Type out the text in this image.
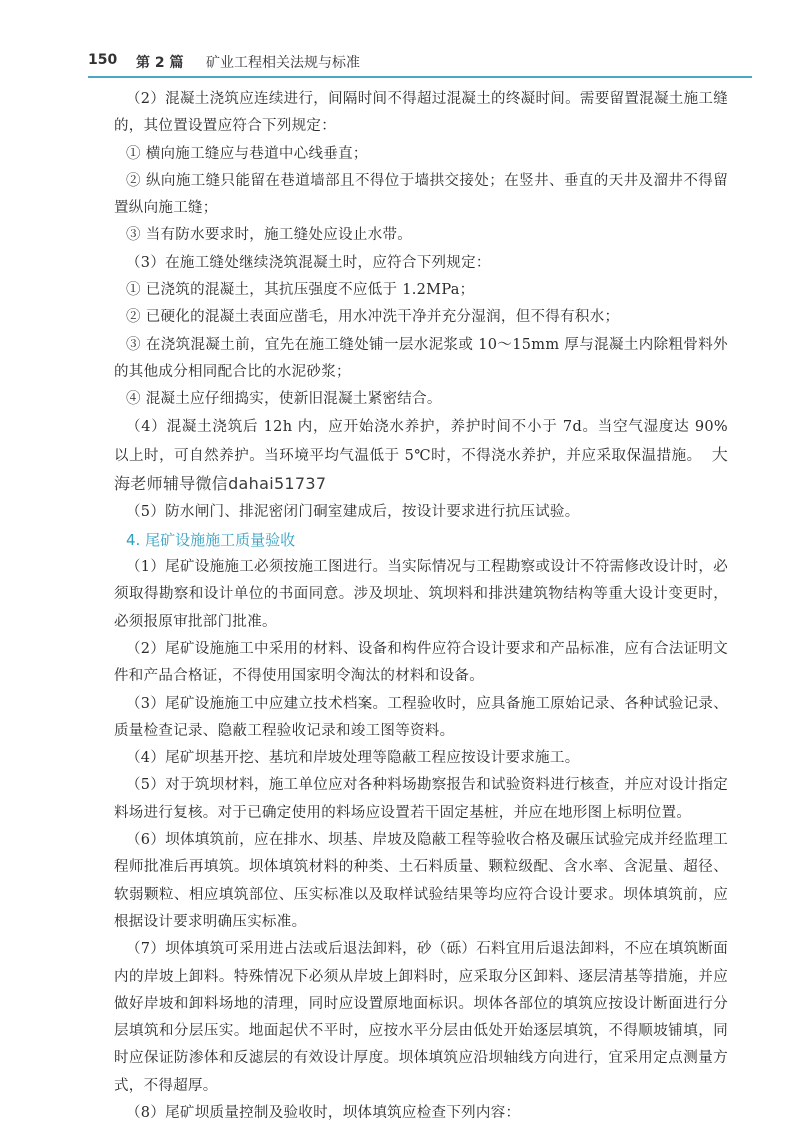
150 第 2 篇 矿业工程相关法规与标准

（2）混凝土浇筑应连续进行，间隔时间不得超过混凝土的终凝时间。需要留置混凝土施工缝的，其位置设置应符合下列规定：

① 横向施工缝应与巷道中心线垂直；

② 纵向施工缝只能留在巷道墙部且不得位于墙拱交接处；在竖井、垂直的天井及溜井不得留置纵向施工缝；

③ 当有防水要求时，施工缝处应设止水带。

（3）在施工缝处继续浇筑混凝土时，应符合下列规定：

① 已浇筑的混凝土，其抗压强度不应低于 1.2MPa；

② 已硬化的混凝土表面应凿毛，用水冲洗干净并充分湿润，但不得有积水；

③ 在浇筑混凝土前，宜先在施工缝处铺一层水泥浆或 10～15mm 厚与混凝土内除粗骨料外的其他成分相同配合比的水泥砂浆；

④ 混凝土应仔细捣实，使新旧混凝土紧密结合。

（4）混凝土浇筑后 12h 内，应开始浇水养护，养护时间不小于 7d。当空气湿度达 90% 以上时，可自然养护。当环境平均气温低于 5℃时，不得浇水养护，并应采取保温措施。 大海老师辅导微信dahai51737

（5）防水闸门、排泥密闭门硐室建成后，按设计要求进行抗压试验。

4. 尾矿设施施工质量验收

（1）尾矿设施施工必须按施工图进行。当实际情况与工程勘察或设计不符需修改设计时，必须取得勘察和设计单位的书面同意。涉及坝址、筑坝料和排洪建筑物结构等重大设计变更时，必须报原审批部门批准。

（2）尾矿设施施工中采用的材料、设备和构件应符合设计要求和产品标准，应有合法证明文件和产品合格证，不得使用国家明令淘汰的材料和设备。

（3）尾矿设施施工中应建立技术档案。工程验收时，应具备施工原始记录、各种试验记录、质量检查记录、隐蔽工程验收记录和竣工图等资料。

（4）尾矿坝基开挖、基坑和岸坡处理等隐蔽工程应按设计要求施工。

（5）对于筑坝材料，施工单位应对各种料场勘察报告和试验资料进行核查，并应对设计指定料场进行复核。对于已确定使用的料场应设置若干固定基桩，并应在地形图上标明位置。

（6）坝体填筑前，应在排水、坝基、岸坡及隐蔽工程等验收合格及碾压试验完成并经监理工程师批准后再填筑。坝体填筑材料的种类、土石料质量、颗粒级配、含水率、含泥量、超径、软弱颗粒、相应填筑部位、压实标准以及取样试验结果等均应符合设计要求。坝体填筑前，应根据设计要求明确压实标准。

（7）坝体填筑可采用进占法或后退法卸料，砂（砾）石料宜用后退法卸料，不应在填筑断面内的岸坡上卸料。特殊情况下必须从岸坡上卸料时，应采取分区卸料、逐层清基等措施，并应做好岸坡和卸料场地的清理，同时应设置原地面标识。坝体各部位的填筑应按设计断面进行分层填筑和分层压实。地面起伏不平时，应按水平分层由低处开始逐层填筑，不得顺坡铺填，同时应保证防渗体和反滤层的有效设计厚度。坝体填筑应沿坝轴线方向进行，宜采用定点测量方式，不得超厚。

（8）尾矿坝质量控制及验收时，坝体填筑应检查下列内容：
